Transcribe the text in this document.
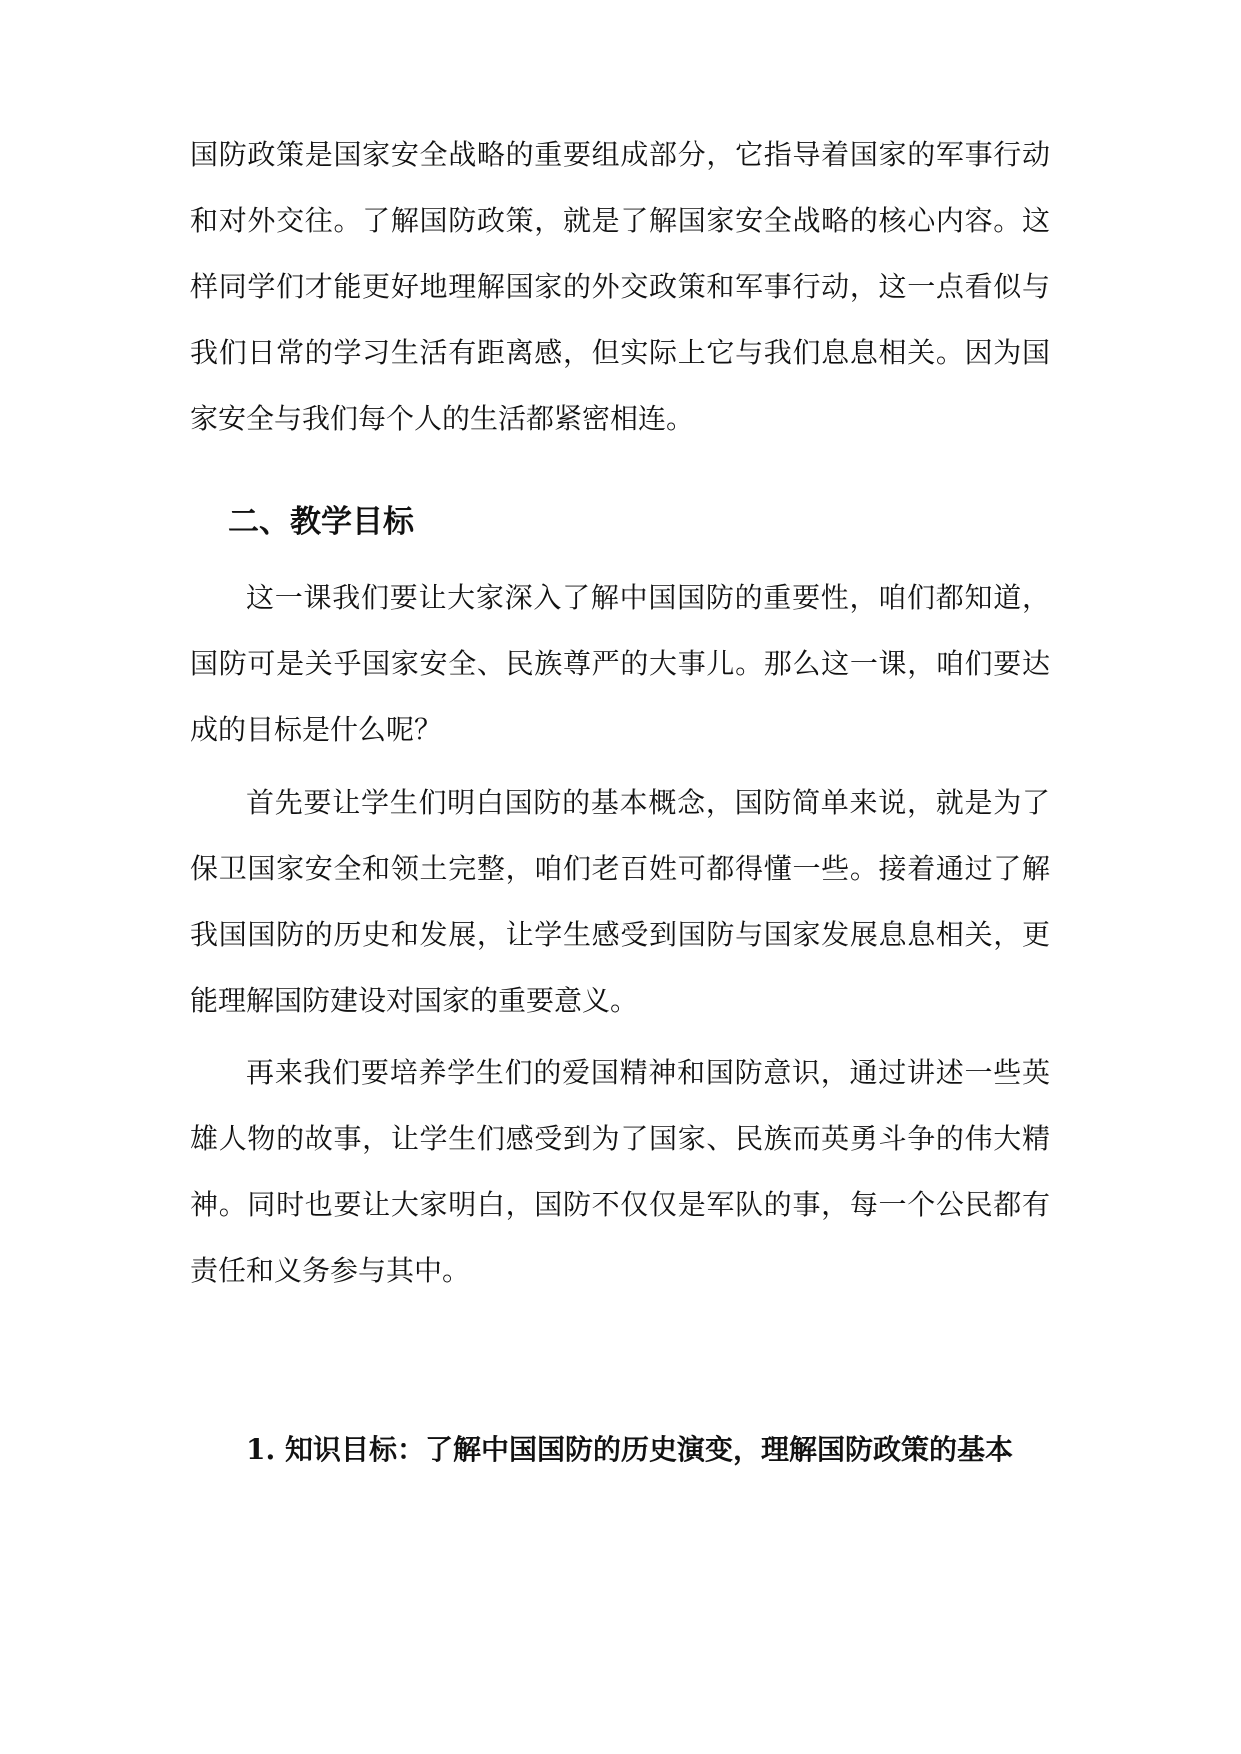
国防政策是国家安全战略的重要组成部分，它指导着国家的军事行动和对外交往。了解国防政策，就是了解国家安全战略的核心内容。这样同学们才能更好地理解国家的外交政策和军事行动，这一点看似与我们日常的学习生活有距离感，但实际上它与我们息息相关。因为国家安全与我们每个人的生活都紧密相连。

二、教学目标

这一课我们要让大家深入了解中国国防的重要性，咱们都知道，国防可是关乎国家安全、民族尊严的大事儿。那么这一课，咱们要达成的目标是什么呢？

首先要让学生们明白国防的基本概念，国防简单来说，就是为了保卫国家安全和领土完整，咱们老百姓可都得懂一些。接着通过了解我国国防的历史和发展，让学生感受到国防与国家发展息息相关，更能理解国防建设对国家的重要意义。

再来我们要培养学生们的爱国精神和国防意识，通过讲述一些英雄人物的故事，让学生们感受到为了国家、民族而英勇斗争的伟大精神。同时也要让大家明白，国防不仅仅是军队的事，每一个公民都有责任和义务参与其中。

1. 知识目标：了解中国国防的历史演变，理解国防政策的基本
